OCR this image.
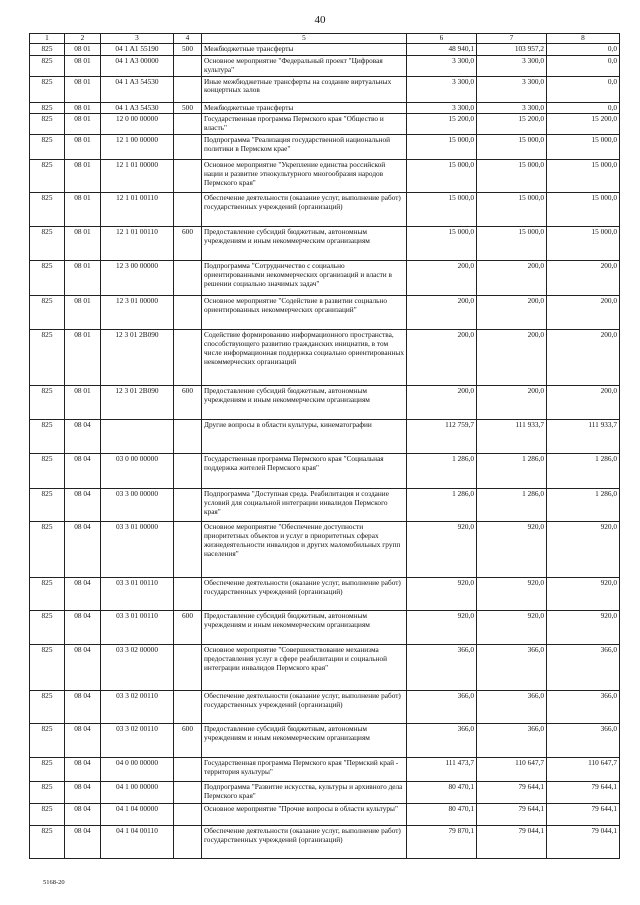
40
1	2	3	4	5	6	7	8
825	08 01	04 1 A1 55190	500	Межбюджетные трансферты	48 940,1	103 957,2	0,0
825	08 01	04 1 A3 00000		Основное мероприятие "Федеральный проект "Цифровая культура"	3 300,0	3 300,0	0,0
825	08 01	04 1 A3 54530		Иные межбюджетные трансферты на создание виртуальных концертных залов	3 300,0	3 300,0	0,0
825	08 01	04 1 A3 54530	500	Межбюджетные трансферты	3 300,0	3 300,0	0,0
825	08 01	12 0 00 00000		Государственная программа Пермского края "Общество и власть"	15 200,0	15 200,0	15 200,0
825	08 01	12 1 00 00000		Подпрограмма "Реализация государственной национальной политики в Пермском крае"	15 000,0	15 000,0	15 000,0
825	08 01	12 1 01 00000		Основное мероприятие "Укрепление единства российской нации и развитие этнокультурного многообразия народов Пермского края"	15 000,0	15 000,0	15 000,0
825	08 01	12 1 01 00110		Обеспечение деятельности (оказание услуг, выполнение работ) государственных учреждений (организаций)	15 000,0	15 000,0	15 000,0
825	08 01	12 1 01 00110	600	Предоставление субсидий бюджетным, автономным учреждениям и иным некоммерческим организациям	15 000,0	15 000,0	15 000,0
825	08 01	12 3 00 00000		Подпрограмма "Сотрудничество с социально ориентированными некоммерческих организаций и власти в решении социально значимых задач"	200,0	200,0	200,0
825	08 01	12 3 01 00000		Основное мероприятие "Содействие в развитии социально ориентированных некоммерческих организаций"	200,0	200,0	200,0
825	08 01	12 3 01 2B090		Содействие формированию информационного пространства, способствующего развитию гражданских инициатив, в том числе информационная поддержка социально ориентированных некоммерческих организаций	200,0	200,0	200,0
825	08 01	12 3 01 2B090	600	Предоставление субсидий бюджетным, автономным учреждениям и иным некоммерческим организациям	200,0	200,0	200,0
825	08 04			Другие вопросы в области культуры, кинематографии	112 759,7	111 933,7	111 933,7
825	08 04	03 0 00 00000		Государственная программа Пермского края "Социальная поддержка жителей Пермского края"	1 286,0	1 286,0	1 286,0
825	08 04	03 3 00 00000		Подпрограмма "Доступная среда. Реабилитация и создание условий для социальной интеграции инвалидов Пермского края"	1 286,0	1 286,0	1 286,0
825	08 04	03 3 01 00000		Основное мероприятие "Обеспечение доступности приоритетных объектов и услуг в приоритетных сферах жизнедеятельности инвалидов и других маломобильных групп населения"	920,0	920,0	920,0
825	08 04	03 3 01 00110		Обеспечение деятельности (оказание услуг, выполнение работ) государственных учреждений (организаций)	920,0	920,0	920,0
825	08 04	03 3 01 00110	600	Предоставление субсидий бюджетным, автономным учреждениям и иным некоммерческим организациям	920,0	920,0	920,0
825	08 04	03 3 02 00000		Основное мероприятие "Совершенствование механизма предоставления услуг в сфере реабилитации и социальной интеграции инвалидов Пермского края"	366,0	366,0	366,0
825	08 04	03 3 02 00110		Обеспечение деятельности (оказание услуг, выполнение работ) государственных учреждений (организаций)	366,0	366,0	366,0
825	08 04	03 3 02 00110	600	Предоставление субсидий бюджетным, автономным учреждениям и иным некоммерческим организациям	366,0	366,0	366,0
825	08 04	04 0 00 00000		Государственная программа Пермского края "Пермский край - территория культуры"	111 473,7	110 647,7	110 647,7
825	08 04	04 1 00 00000		Подпрограмма "Развитие искусства, культуры и архивного дела Пермского края"	80 470,1	79 644,1	79 644,1
825	08 04	04 1 04 00000		Основное мероприятие "Прочие вопросы в области культуры"	80 470,1	79 644,1	79 644,1
825	08 04	04 1 04 00110		Обеспечение деятельности (оказание услуг, выполнение работ) государственных учреждений (организаций)	79 870,1	79 044,1	79 044,1
5168-20
